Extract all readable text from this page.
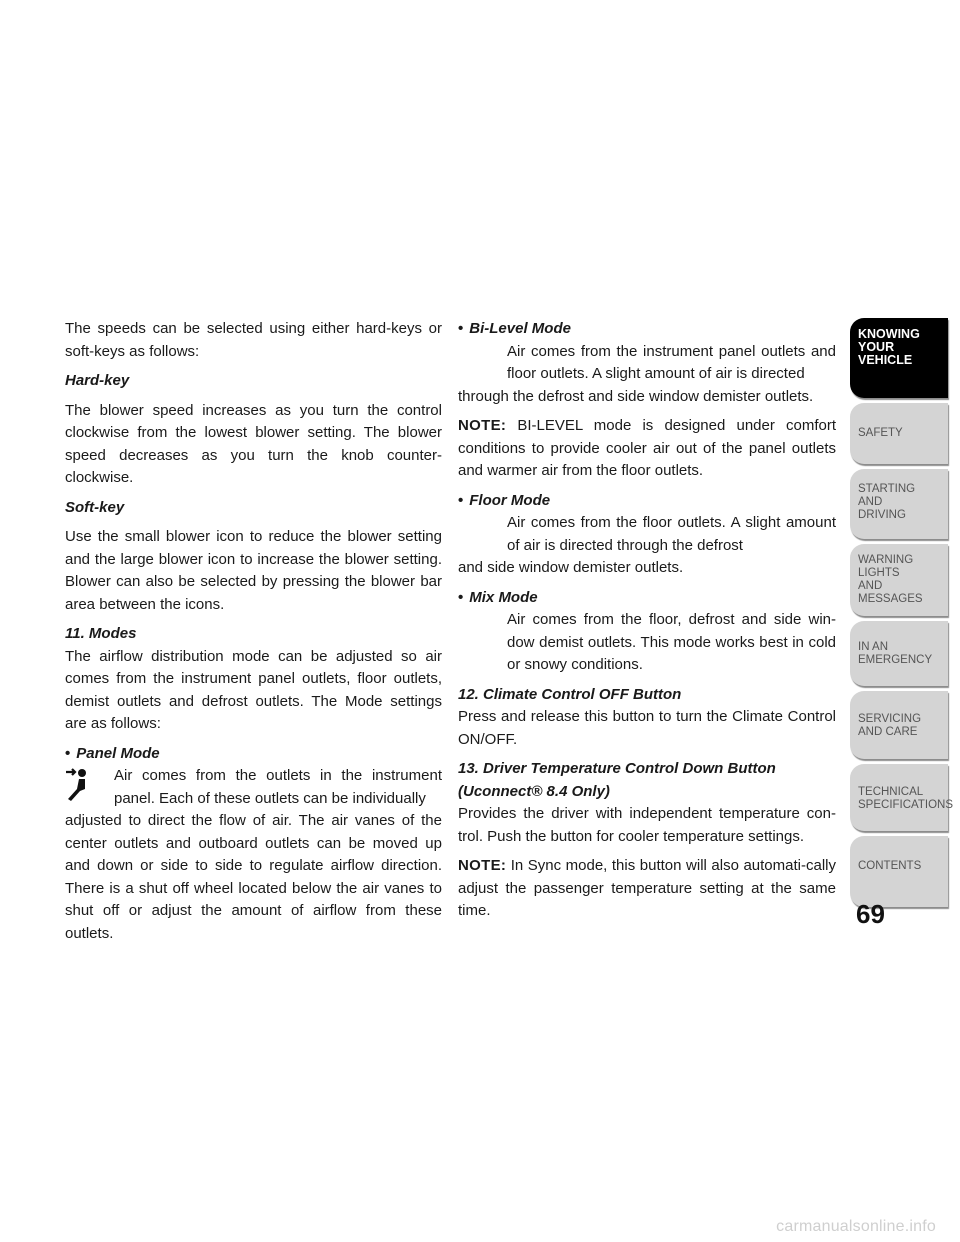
The speeds can be selected using either hard-keys or soft-keys as follows:

Hard-key

The blower speed increases as you turn the control clockwise from the lowest blower setting. The blower speed decreases as you turn the knob counter-clockwise.

Soft-key

Use the small blower icon to reduce the blower setting and the large blower icon to increase the blower setting. Blower can also be selected by pressing the blower bar area between the icons.

11. Modes

The airflow distribution mode can be adjusted so air comes from the instrument panel outlets, floor outlets, demist outlets and defrost outlets. The Mode settings are as follows:

• Panel Mode
Air comes from the outlets in the instrument panel. Each of these outlets can be individually

adjusted to direct the flow of air. The air vanes of the center outlets and outboard outlets can be moved up and down or side to side to regulate airflow direction. There is a shut off wheel located below the air vanes to shut off or adjust the amount of airflow from these outlets.

• Bi-Level Mode
Air comes from the instrument panel outlets and floor outlets. A slight amount of air is directed

through the defrost and side window demister outlets.

NOTE: BI-LEVEL mode is designed under comfort conditions to provide cooler air out of the panel outlets and warmer air from the floor outlets.

• Floor Mode
Air comes from the floor outlets. A slight amount of air is directed through the defrost

and side window demister outlets.

• Mix Mode

Air comes from the floor, defrost and side win-dow demist outlets. This mode works best in cold or snowy conditions.

12. Climate Control OFF Button

Press and release this button to turn the Climate Control ON/OFF.

13. Driver Temperature Control Down Button
(Uconnect® 8.4 Only)

Provides the driver with independent temperature con-trol. Push the button for cooler temperature settings.

NOTE: In Sync mode, this button will also automati-cally adjust the passenger temperature setting at the same time.

KNOWING
YOUR
VEHICLE
SAFETY
STARTING
AND
DRIVING
WARNING
LIGHTS
AND
MESSAGES
IN AN
EMERGENCY
SERVICING
AND CARE
TECHNICAL
SPECIFICATIONS
CONTENTS
69
carmanualsonline.info
